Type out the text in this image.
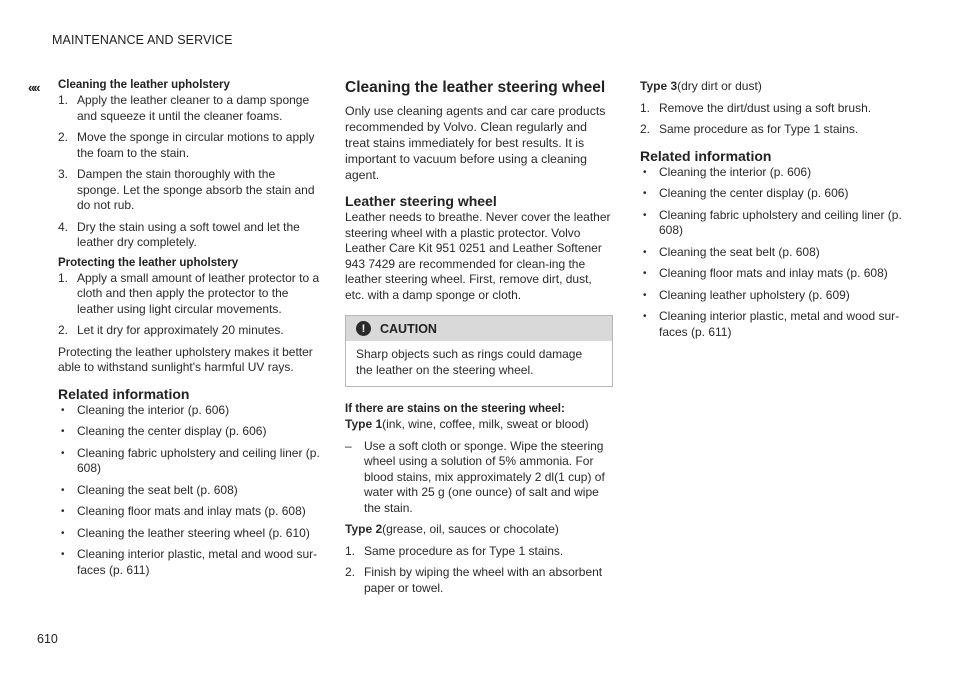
MAINTENANCE AND SERVICE
««
610
Cleaning the leather upholstery
1. Apply the leather cleaner to a damp sponge and squeeze it until the cleaner foams.
2. Move the sponge in circular motions to apply the foam to the stain.
3. Dampen the stain thoroughly with the sponge. Let the sponge absorb the stain and do not rub.
4. Dry the stain using a soft towel and let the leather dry completely.
Protecting the leather upholstery
1. Apply a small amount of leather protector to a cloth and then apply the protector to the leather using light circular movements.
2. Let it dry for approximately 20 minutes.
Protecting the leather upholstery makes it better able to withstand sunlight's harmful UV rays.
Related information
• Cleaning the interior (p. 606)
• Cleaning the center display (p. 606)
• Cleaning fabric upholstery and ceiling liner (p. 608)
• Cleaning the seat belt (p. 608)
• Cleaning floor mats and inlay mats (p. 608)
• Cleaning the leather steering wheel (p. 610)
• Cleaning interior plastic, metal and wood sur-faces (p. 611)
Cleaning the leather steering wheel
Only use cleaning agents and car care products recommended by Volvo. Clean regularly and treat stains immediately for best results. It is important to vacuum before using a cleaning agent.
Leather steering wheel
Leather needs to breathe. Never cover the leather steering wheel with a plastic protector. Volvo Leather Care Kit 951 0251 and Leather Softener 943 7429 are recommended for clean-ing the leather steering wheel. First, remove dirt, dust, etc. with a damp sponge or cloth.
!	CAUTION
Sharp objects such as rings could damage the leather on the steering wheel.
If there are stains on the steering wheel:
Type 1(ink, wine, coffee, milk, sweat or blood)
– Use a soft cloth or sponge. Wipe the steering wheel using a solution of 5% ammonia. For blood stains, mix approximately 2 dl(1 cup) of water with 25 g (one ounce) of salt and wipe the stain.
Type 2(grease, oil, sauces or chocolate)
1. Same procedure as for Type 1 stains.
2. Finish by wiping the wheel with an absorbent paper or towel.
Type 3(dry dirt or dust)
1. Remove the dirt/dust using a soft brush.
2. Same procedure as for Type 1 stains.
Related information
• Cleaning the interior (p. 606)
• Cleaning the center display (p. 606)
• Cleaning fabric upholstery and ceiling liner (p. 608)
• Cleaning the seat belt (p. 608)
• Cleaning floor mats and inlay mats (p. 608)
• Cleaning leather upholstery (p. 609)
• Cleaning interior plastic, metal and wood sur-faces (p. 611)
